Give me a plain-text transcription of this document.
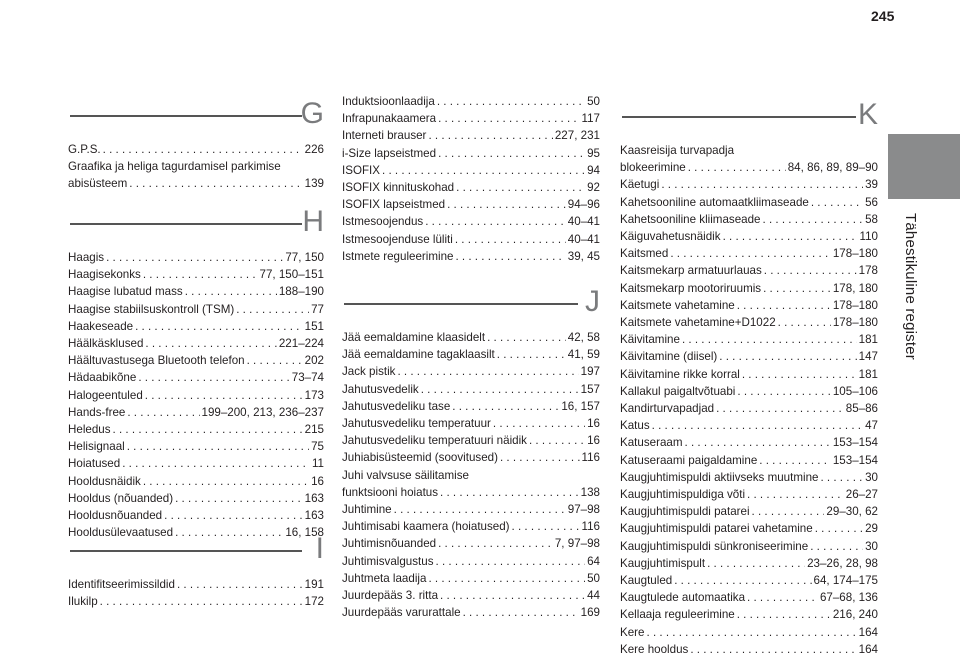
245
Tähestikuline register
G
G.P.S. . . .	226
Graafika ja heliga tagurdamisel parkimise
abisüsteem . . .	139
H
Haagis . . .	77, 150
Haagisekonks . . .	77, 150–151
Haagise lubatud mass . . .	188–190
Haagise stabiilsuskontroll (TSM) . . .	77
Haakeseade . . .	151
Häälkäsklused . . .	221–224
Häältuvastusega Bluetooth telefon . . .	202
Hädaabikõne . . .	73–74
Halogeentuled . . .	173
Hands-free . . .	199–200, 213, 236–237
Heledus . . .	215
Helisignaal . . .	75
Hoiatused . . .	11
Hooldusnäidik . . .	16
Hooldus (nõuanded) . . .	163
Hooldusnõuanded . . .	163
Hooldusülevaatused . . .	16, 158
I
Identifitseerimissildid . . .	191
Ilukilp . . .	172
Induktsioonlaadija . . .	50
Infrapunakaamera . . .	117
Interneti brauser . . .	227, 231
i-Size lapseistmed . . .	95
ISOFIX . . .	94
ISOFIX kinnituskohad . . .	92
ISOFIX lapseistmed . . .	94–96
Istmesoojendus . . .	40–41
Istmesoojenduse lüliti . . .	40–41
Istmete reguleerimine . . .	39, 45
J
Jää eemaldamine klaasidelt . . .	42, 58
Jää eemaldamine tagaklaasilt . . .	41, 59
Jack pistik . . .	197
Jahutusvedelik . . .	157
Jahutusvedeliku tase . . .	16, 157
Jahutusvedeliku temperatuur . . .	16
Jahutusvedeliku temperatuuri näidik . . .	16
Juhiabisüsteemid (soovitused) . . .	116
Juhi valvsuse säilitamise
funktsiooni hoiatus . . .	138
Juhtimine . . .	97–98
Juhtimisabi kaamera (hoiatused) . . .	116
Juhtimisnõuanded . . .	7, 97–98
Juhtimisvalgustus . . .	64
Juhtmeta laadija . . .	50
Juurdepääs 3. ritta . . .	44
Juurdepääs varurattale . . .	169
K
Kaasreisija turvapadja
blokeerimine . . .	84, 86, 89, 89–90
Käetugi . . .	39
Kahetsooniline automaatkliimaseade . . .	56
Kahetsooniline kliimaseade . . .	58
Käiguvahetusnäidik . . .	110
Kaitsmed . . .	178–180
Kaitsmekarp armatuurlauas . . .	178
Kaitsmekarp mootoriruumis . . .	178, 180
Kaitsmete vahetamine . . .	178–180
Kaitsmete vahetamine+D1022 . . .	178–180
Käivitamine . . .	181
Käivitamine (diisel) . . .	147
Käivitamine rikke korral . . .	181
Kallakul paigaltvõtuabi . . .	105–106
Kandirturvapadjad . . .	85–86
Katus . . .	47
Katuseraam . . .	153–154
Katuseraami paigaldamine . . .	153–154
Kaugjuhtimispuldi aktiivseks muutmine . . .	30
Kaugjuhtimispuldiga võti . . .	26–27
Kaugjuhtimispuldi patarei . . .	29–30, 62
Kaugjuhtimispuldi patarei vahetamine . . .	29
Kaugjuhtimispuldi sünkroniseerimine . . .	30
Kaugjuhtimispult . . .	23–26, 28, 98
Kaugtuled . . .	64, 174–175
Kaugtulede automaatika . . .	67–68, 136
Kellaaja reguleerimine . . .	216, 240
Kere . . .	164
Kere hooldus . . .	164
